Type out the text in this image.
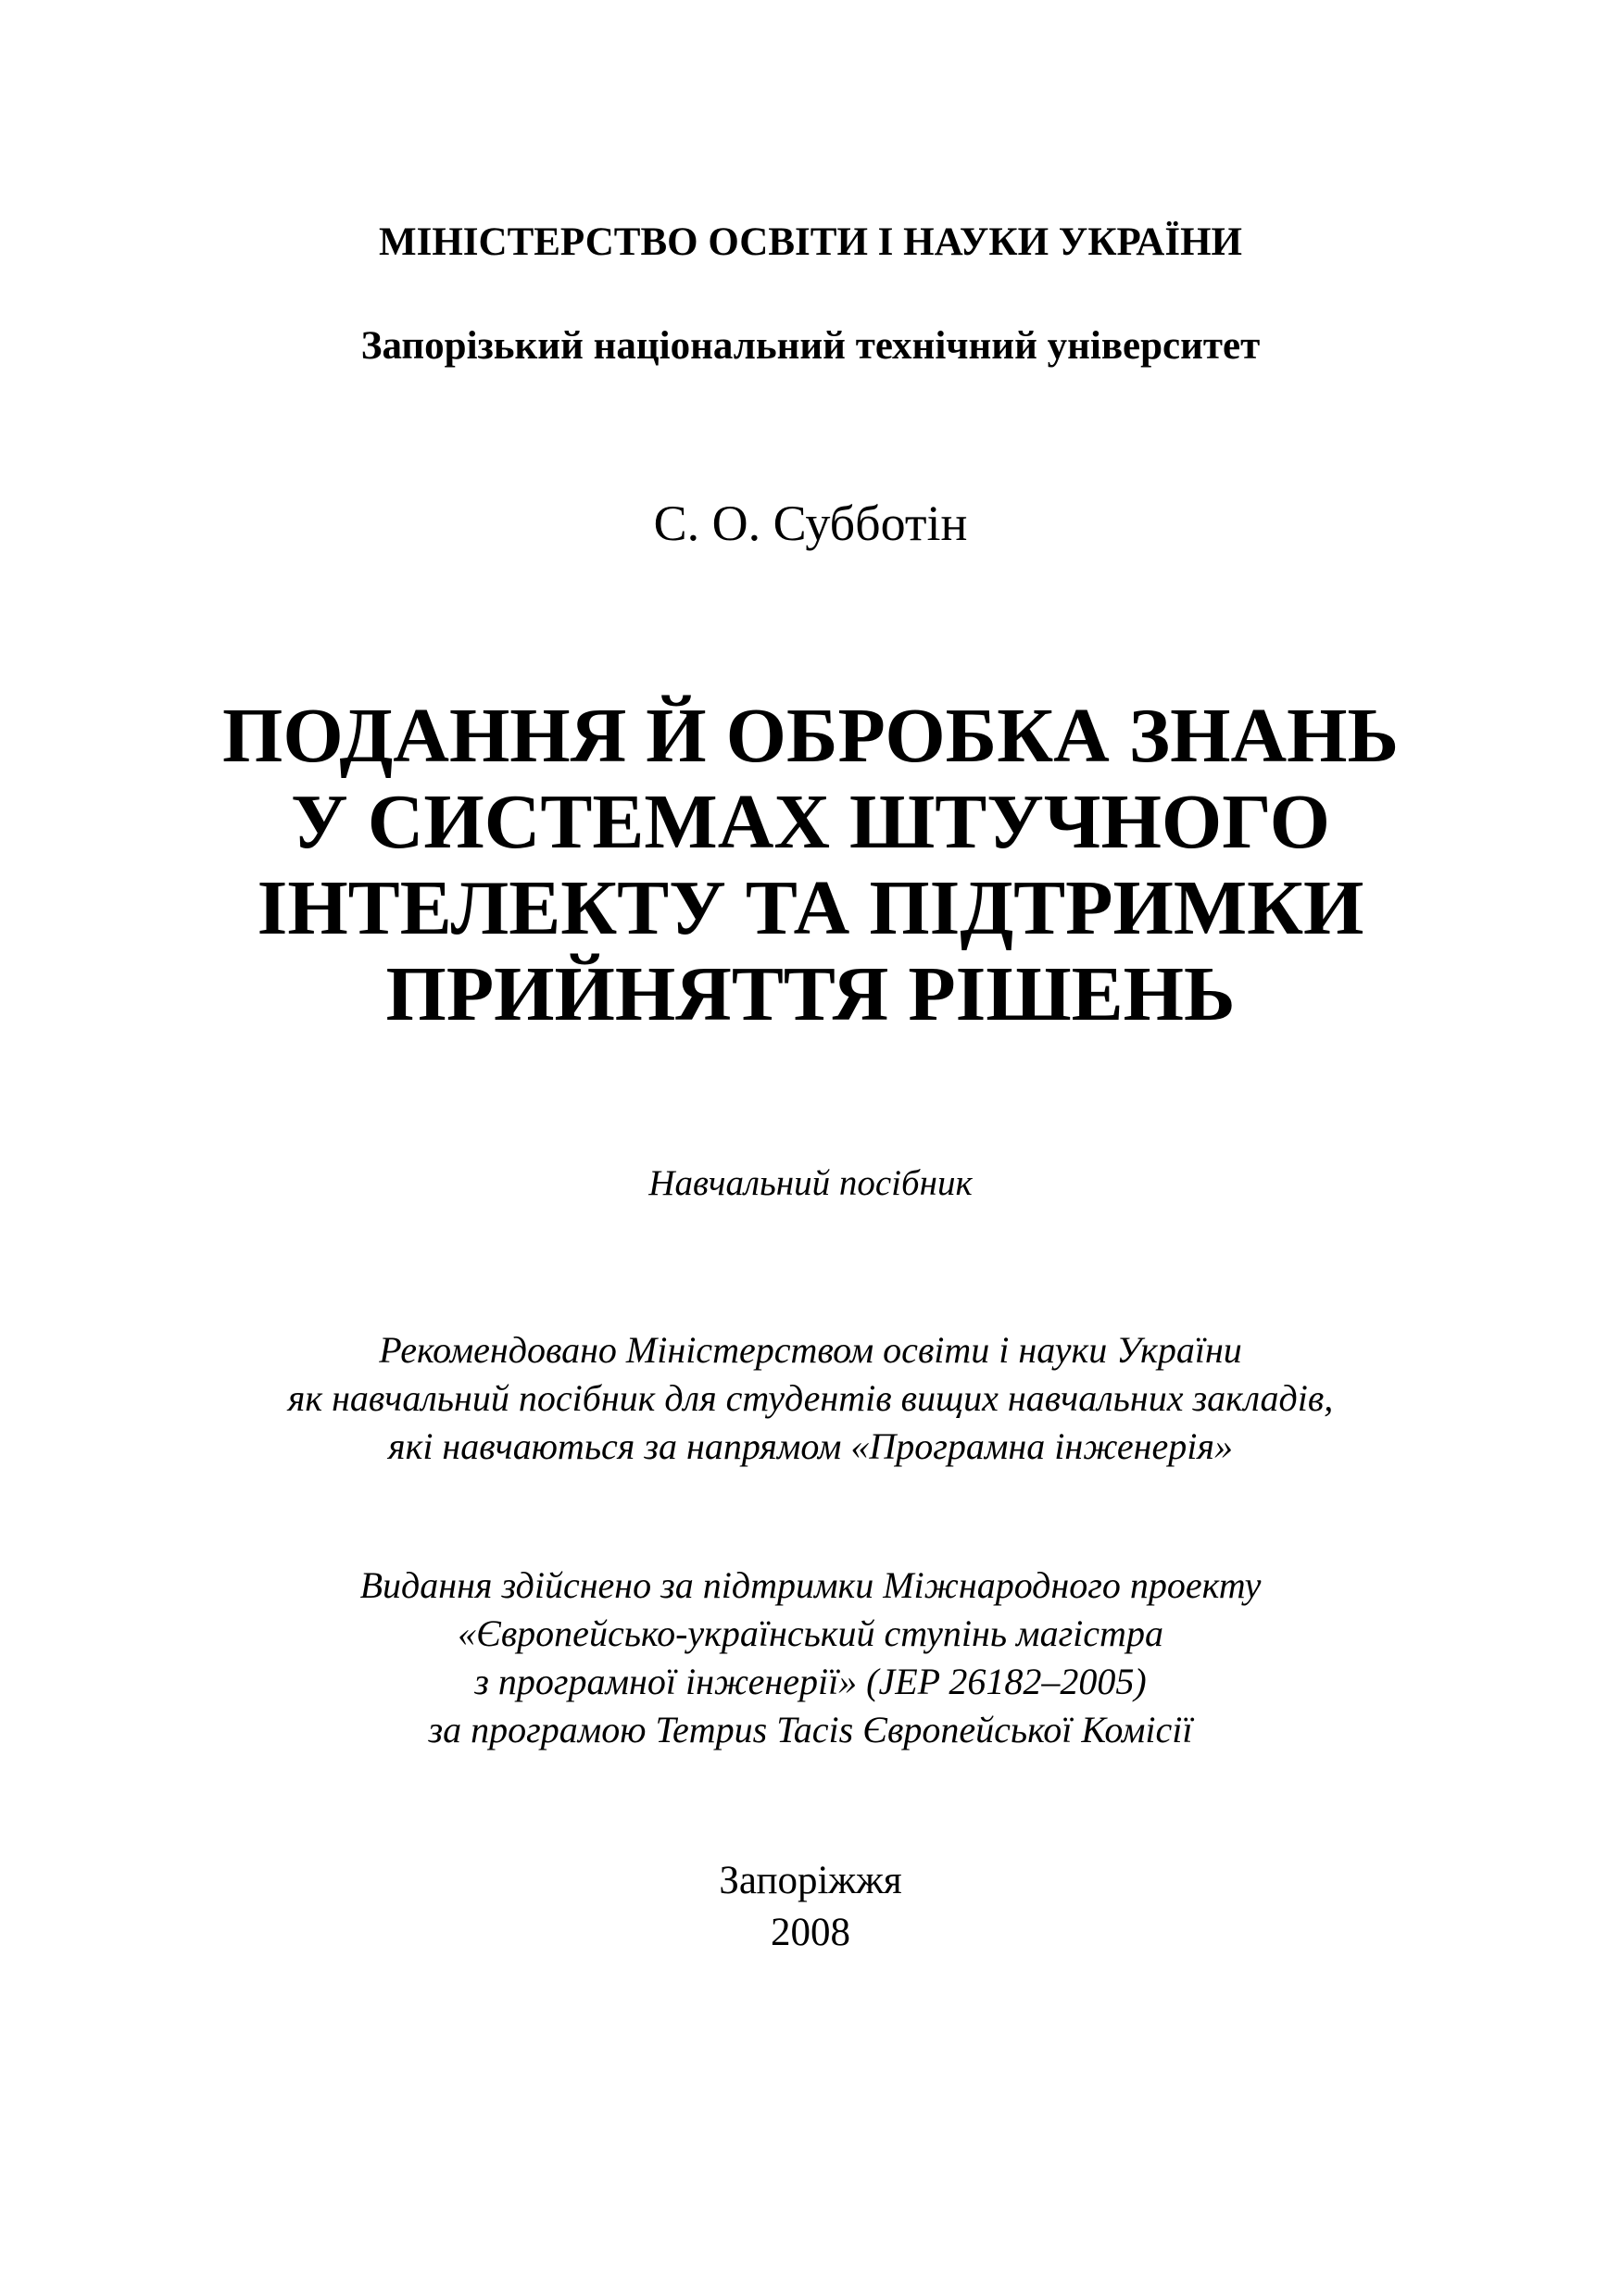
МІНІСТЕРСТВО ОСВІТИ І НАУКИ УКРАЇНИ
Запорізький національний технічний університет
С. О. Субботін
ПОДАННЯ Й ОБРОБКА ЗНАНЬ
У СИСТЕМАХ ШТУЧНОГО
ІНТЕЛЕКТУ ТА ПІДТРИМКИ
ПРИЙНЯТТЯ РІШЕНЬ
Навчальний посібник
Рекомендовано Міністерством освіти і науки України
як навчальний посібник для студентів вищих навчальних закладів,
які навчаються за напрямом «Програмна інженерія»
Видання здійснено за підтримки Міжнародного проекту
«Європейсько-український ступінь магістра
з програмної інженерії» (JEP 26182–2005)
за програмою Tempus Tacis Європейської Комісії
Запоріжжя
2008
